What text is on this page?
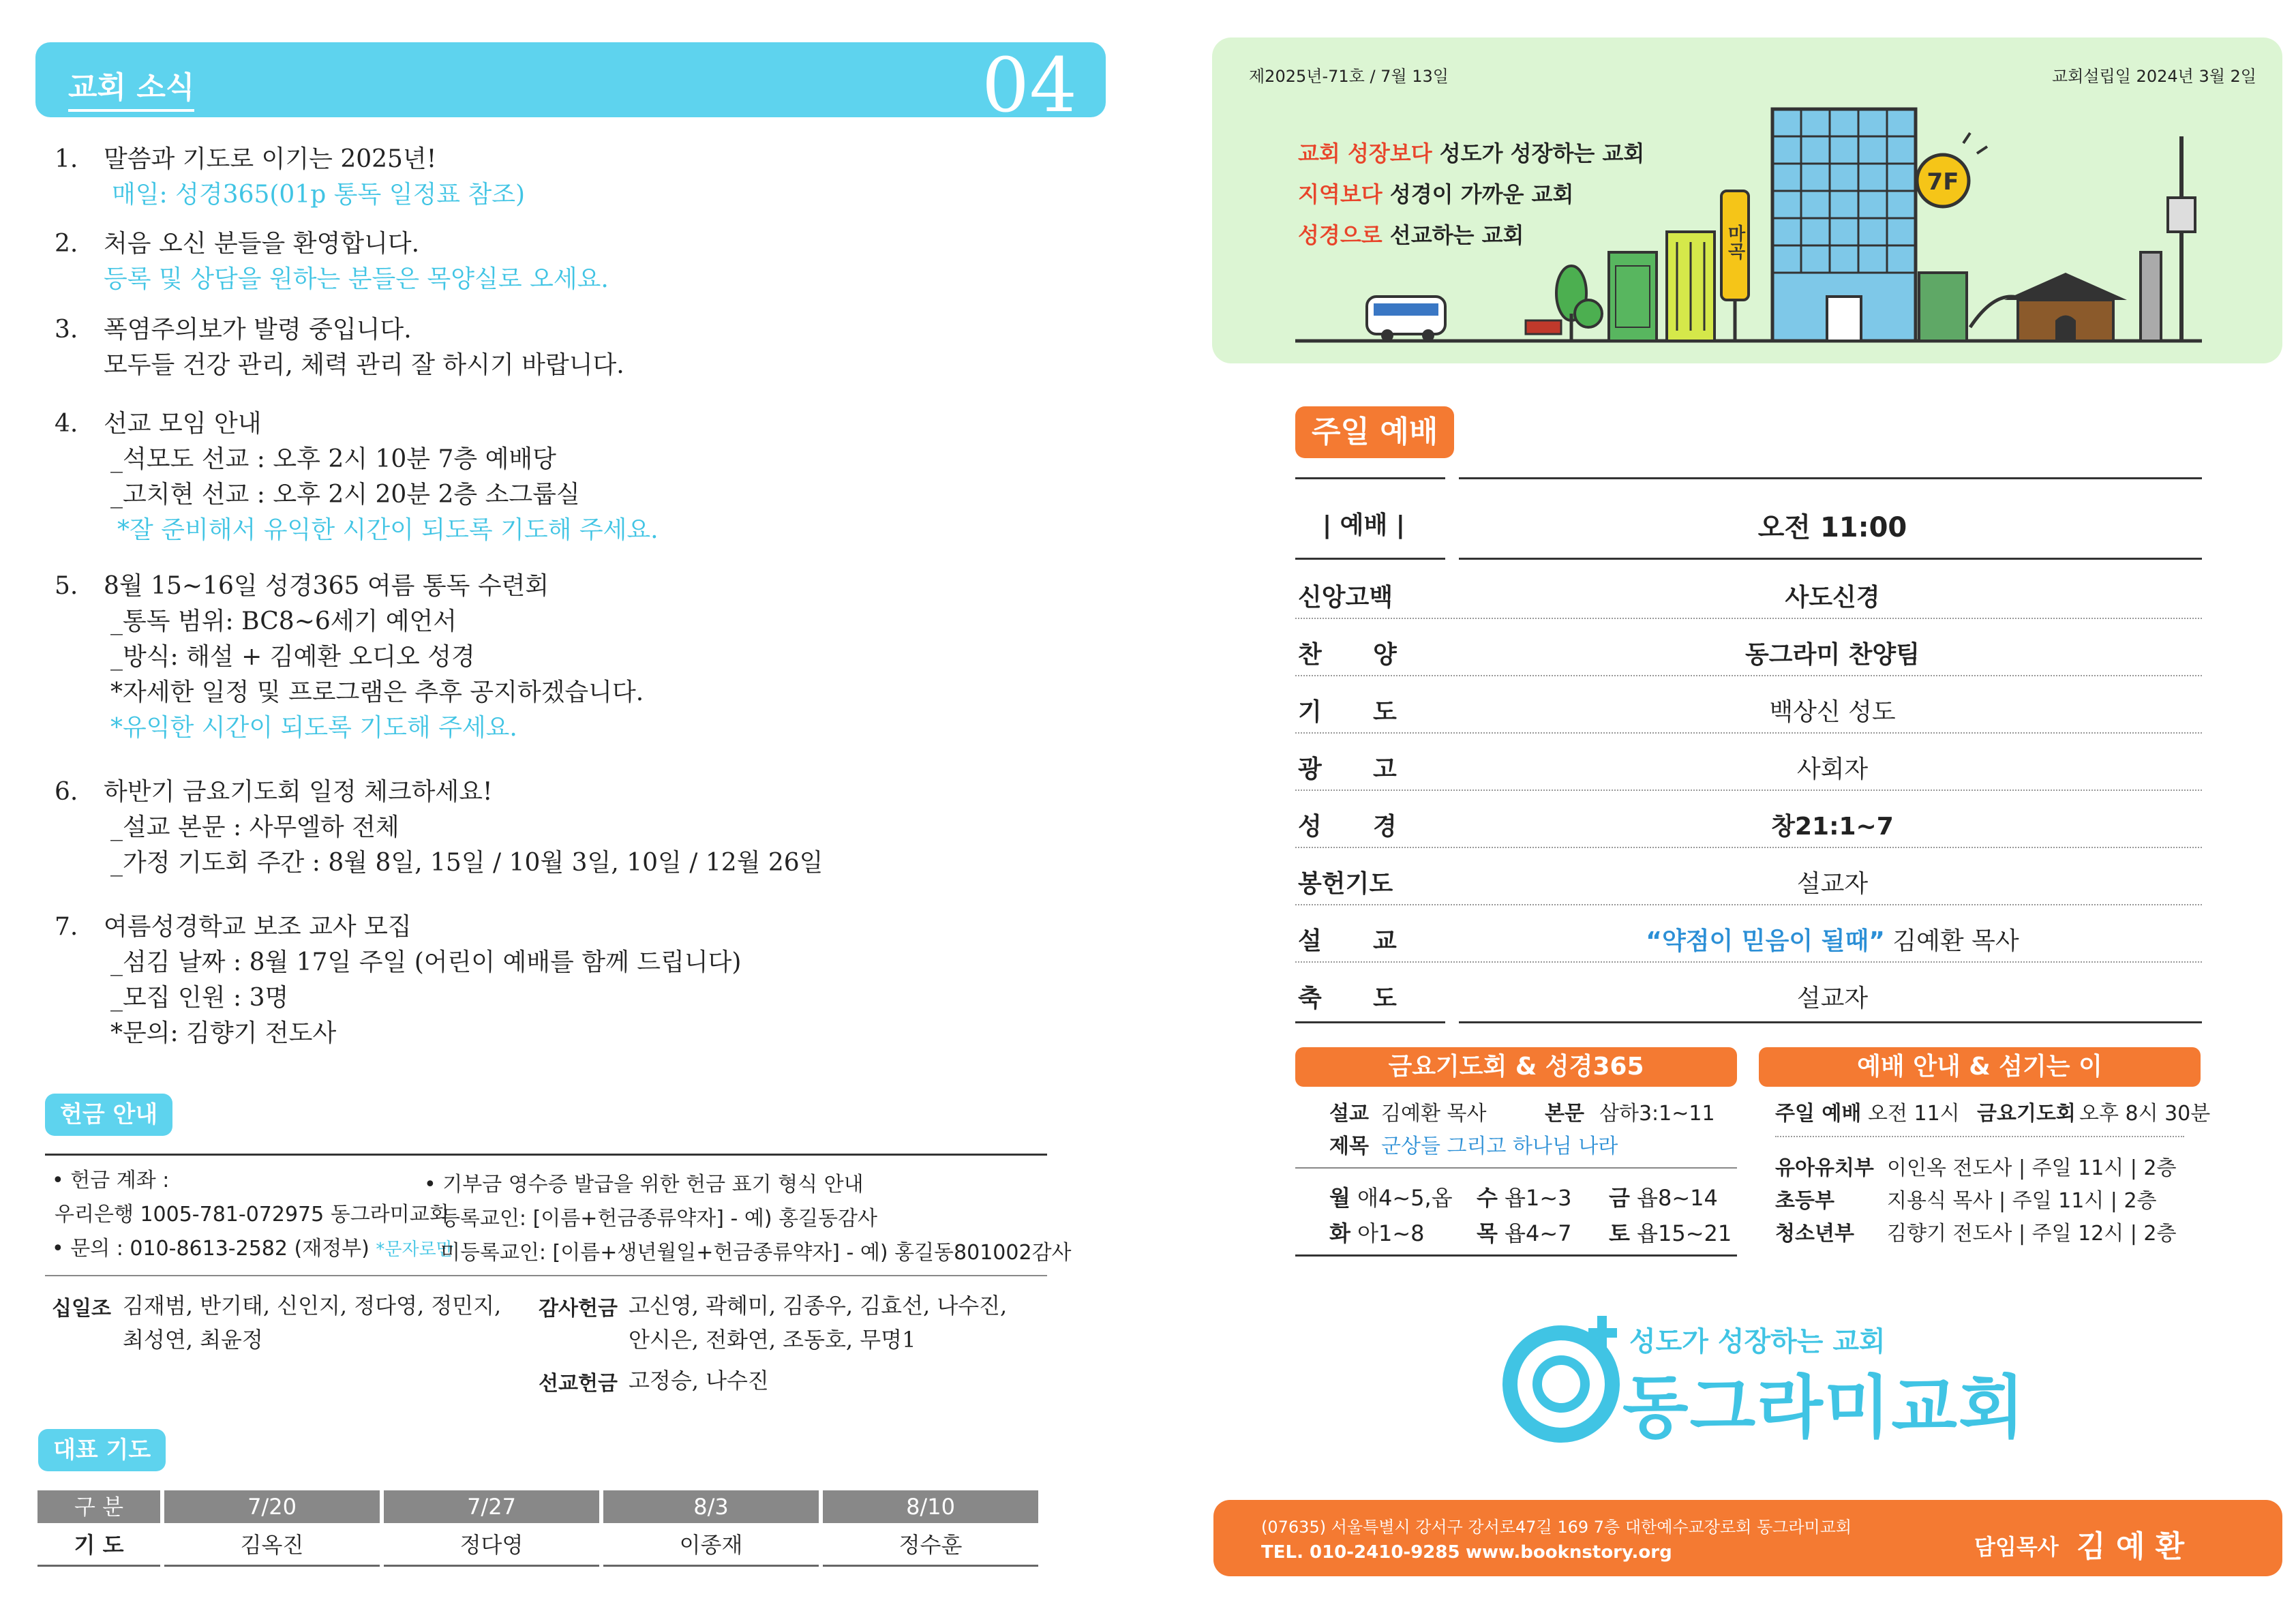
교회 소식	04
1.	말씀과 기도로 이기는 2025년!
매일: 성경365(01p 통독 일정표 참조)
2.	처음 오신 분들을 환영합니다.
등록 및 상담을 원하는 분들은 목양실로 오세요.
3.	폭염주의보가 발령 중입니다.
모두들 건강 관리, 체력 관리 잘 하시기 바랍니다.
4.	선교 모임 안내
_석모도 선교 : 오후 2시 10분 7층 예배당
_고치현 선교 : 오후 2시 20분 2층 소그룹실
*잘 준비해서 유익한 시간이 되도록 기도해 주세요.
5.	8월 15~16일 성경365 여름 통독 수련회
_통독 범위: BC8~6세기 예언서
_방식: 해설 + 김예환 오디오 성경
*자세한 일정 및 프로그램은 추후 공지하겠습니다.
*유익한 시간이 되도록 기도해 주세요.
6.	하반기 금요기도회 일정 체크하세요!
_설교 본문 : 사무엘하 전체
_가정 기도회 주간 : 8월 8일, 15일 / 10월 3일, 10일 / 12월 26일
7.	여름성경학교 보조 교사 모집
_섬김 날짜 : 8월 17일 주일 (어린이 예배를 함께 드립니다)
_모집 인원 : 3명
*문의: 김향기 전도사
헌금 안내
• 헌금 계좌 :
우리은행 1005-781-072975 동그라미교회
• 문의 : 010-8613-2582 (재정부) *문자로만
• 기부금 영수증 발급을 위한 헌금 표기 형식 안내
등록교인: [이름+헌금종류약자] - 예) 홍길동감사
미등록교인: [이름+생년월일+헌금종류약자] - 예) 홍길동801002감사
십일조 김재범, 반기태, 신인지, 정다영, 정민지,
최성연, 최윤정
감사헌금 고신영, 곽혜미, 김종우, 김효선, 나수진,
안시은, 전화연, 조동호, 무명1
선교헌금 고정승, 나수진
대표 기도
구 분	7/20	7/27	8/3	8/10
기 도	김옥진	정다영	이종재	정수훈
제2025년-71호 / 7월 13일	교회설립일 2024년 3월 2일
교회 성장보다 성도가 성장하는 교회
지역보다 성경이 가까운 교회
성경으로 선교하는 교회	마곡
7F
주일 예배
| 예배 |	오전 11:00
신앙고백	사도신경
찬      양	동그라미 찬양팀
기      도	백상신 성도
광      고	사회자
성      경	창21:1~7
봉헌기도	설교자
설      교	“약점이 믿음이 될때” 김예환 목사
축      도	설교자
금요기도회 & 성경365
설교 김예환 목사	본문 삼하3:1~11
제목 군상들 그리고 하나님 나라
월 애4~5,옵 수 욥1~3 금 욥8~14
화 아1~8 목 욥4~7 토 욥15~21
예배 안내 & 섬기는 이
주일 예배 오전 11시 금요기도회 오후 8시 30분
유아유치부 이인옥 전도사 | 주일 11시 | 2층
초등부	지용식 목사 | 주일 11시 | 2층
청소년부 김향기 전도사 | 주일 12시 | 2층
성도가 성장하는 교회
동그라미교회
(07635) 서울특별시 강서구 강서로47길 169 7층 대한예수교장로회 동그라미교회
TEL. 010-2410-9285 www.booknstory.org	담임목사 김 예 환
